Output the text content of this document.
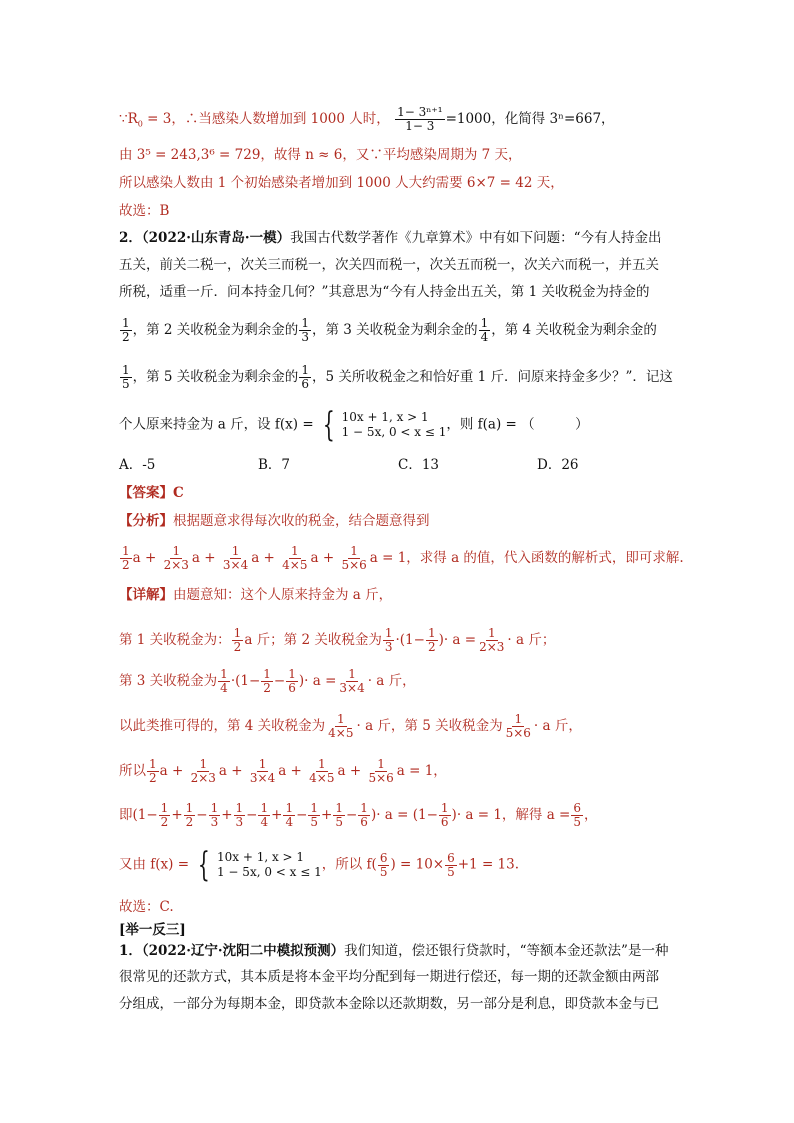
$\because R_0 = 3$，∴当感染人数增加到 1000 人时， $\frac{\text{1− 3ⁿ⁺¹}}{1- 3} =1000$，化简得 3ⁿ=667，
由 3⁵ = 243,3⁶ = 729，故得 n ≈ 6，又∵平均感染周期为 7 天，
所以感染人数由 1 个初始感染者增加到 1000 人大约需要 6×7 = 42 天，
故选：B
2．（2022·山东青岛·一模）我国古代数学著作《九章算术》中有如下问题：“今有人持金出
五关，前关二税一，次关三而税一，次关四而税一，次关五而税一，次关六而税一，并五关
所税，适重一斤．问本持金几何？”其意思为“今有人持金出五关，第 1 关收税金为持金的
$\frac{1}{2}$ ，第 2 关收税金为剩余金的 $\frac{1}{3}$ ，第 3 关收税金为剩余金的 $\frac{1}{4}$ ，第 4 关收税金为剩余金的
$\frac{1}{5}$ ，第 5 关收税金为剩余金的 $\frac{1}{6}$ ，5 关所收税金之和恰好重 1 斤．问原来持金多少？”．记这
个人原来持金为 a 斤，设 f(x) = { 10x + 1, x > 1
1 − 5x, 0 < x ≤ 1 ，则 f(a) = （　　　）
A．-5	B．7	C．13	D．26
【答案】C
【分析】根据题意求得每次收的税金，结合题意得到
$\frac{1}{2}$ $a + \frac{1}{2\times 3}$ $a + \frac{1}{3\times 4}$ $a + \frac{1}{4\times 5}$ $a + \frac{1}{5\times 6}$ a = 1，求得 a 的值，代入函数的解析式，即可求解.
【详解】由题意知：这个人原来持金为 a 斤，
第 1 关收税金为： $\frac{1}{2}$ a 斤；第 2 关收税金为 $\frac{1}{3} \cdot(1- \frac{1}{2}$ )· $a = \frac{1}{2\times 3} \cdot a$ 斤；
第 3 关收税金为 $\frac{1}{4} \cdot(1- \frac{1}{2} - \frac{1}{6}$ )· $a = \frac{1}{3\times 4} \cdot a$ 斤，
以此类推可得的，第 4 关收税金为 $\frac{1}{4\times 5} \cdot a$ 斤，第 5 关收税金为 $\frac{1}{5\times 6} \cdot a$ 斤，
所以 $\frac{1}{2}$ $a + \frac{1}{2\times 3}$ $a + \frac{1}{3\times 4}$ $a + \frac{1}{4\times 5}$ $a + \frac{1}{5\times 6}$ a = 1，
即($1- \frac{1}{2} + \frac{1}{2} - \frac{1}{3} + \frac{1}{3} - \frac{1}{4} + \frac{1}{4} - \frac{1}{5} + \frac{1}{5} - \frac{1}{6}$ )· $a = (1- \frac{1}{6}$ )· a = 1，解得 $a = \frac{6}{5}$ ，
又由 f(x) = { 10x + 1, x > 1
1 − 5x, 0 < x ≤ 1 ，所以 $f( \frac{6}{5}$ ) = $10\times \frac{6}{5} +1 = 13$.
故选：C.
[举一反三]
1．（2022·辽宁·沈阳二中模拟预测）我们知道，偿还银行贷款时，“等额本金还款法”是一种
很常见的还款方式，其本质是将本金平均分配到每一期进行偿还，每一期的还款金额由两部
分组成，一部分为每期本金，即贷款本金除以还款期数，另一部分是利息，即贷款本金与已
